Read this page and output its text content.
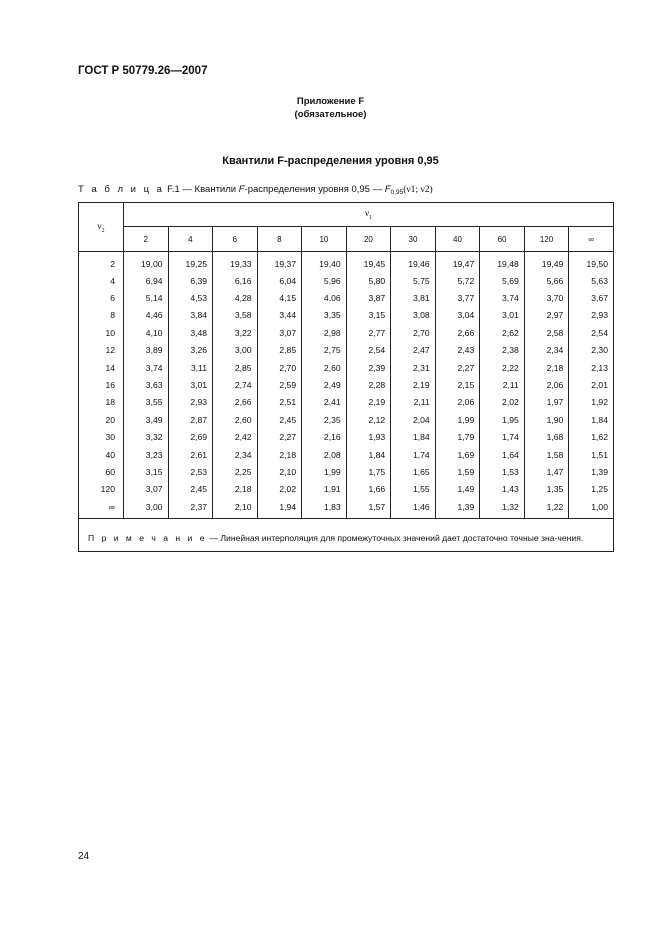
ГОСТ Р 50779.26—2007
Приложение F
(обязательное)
Квантили F-распределения уровня 0,95
Т а б л и ц а F.1 — Квантили F-распределения уровня 0,95 — $F_{0,95}(\nu 1$; ν2)
$\nu_2$	$\nu_1$
	2	4	6	8	10	20	30	40	60	120	∞
2	19,00	19,25	19,33	19,37	19,40	19,45	19,46	19,47	19,48	19,49	19,50
4	6,94	6,39	6,16	6,04	5,96	5,80	5,75	5,72	5,69	5,66	5,63
6	5,14	4,53	4,28	4,15	4,06	3,87	3,81	3,77	3,74	3,70	3,67
8	4,46	3,84	3,58	3,44	3,35	3,15	3,08	3,04	3,01	2,97	2,93
10	4,10	3,48	3,22	3,07	2,98	2,77	2,70	2,66	2,62	2,58	2,54
12	3,89	3,26	3,00	2,85	2,75	2,54	2,47	2,43	2,38	2,34	2,30
14	3,74	3,11	2,85	2,70	2,60	2,39	2,31	2,27	2,22	2,18	2,13
16	3,63	3,01	2,74	2,59	2,49	2,28	2,19	2,15	2,11	2,06	2,01
18	3,55	2,93	2,66	2,51	2,41	2,19	2,11	2,06	2,02	1,97	1,92
20	3,49	2,87	2,60	2,45	2,35	2,12	2,04	1,99	1,95	1,90	1,84
30	3,32	2,69	2,42	2,27	2,16	1,93	1,84	1,79	1,74	1,68	1,62
40	3,23	2,61	2,34	2,18	2,08	1,84	1,74	1,69	1,64	1,58	1,51
60	3,15	2,53	2,25	2,10	1,99	1,75	1,65	1,59	1,53	1,47	1,39
120	3,07	2,45	2,18	2,02	1,91	1,66	1,55	1,49	1,43	1,35	1,25
∞	3,00	2,37	2,10	1,94	1,83	1,57	1,46	1,39	1,32	1,22	1,00
П р и м е ч а н и е — Линейная интерполяция для промежуточных значений дает достаточно точные зна-чения.											
24
